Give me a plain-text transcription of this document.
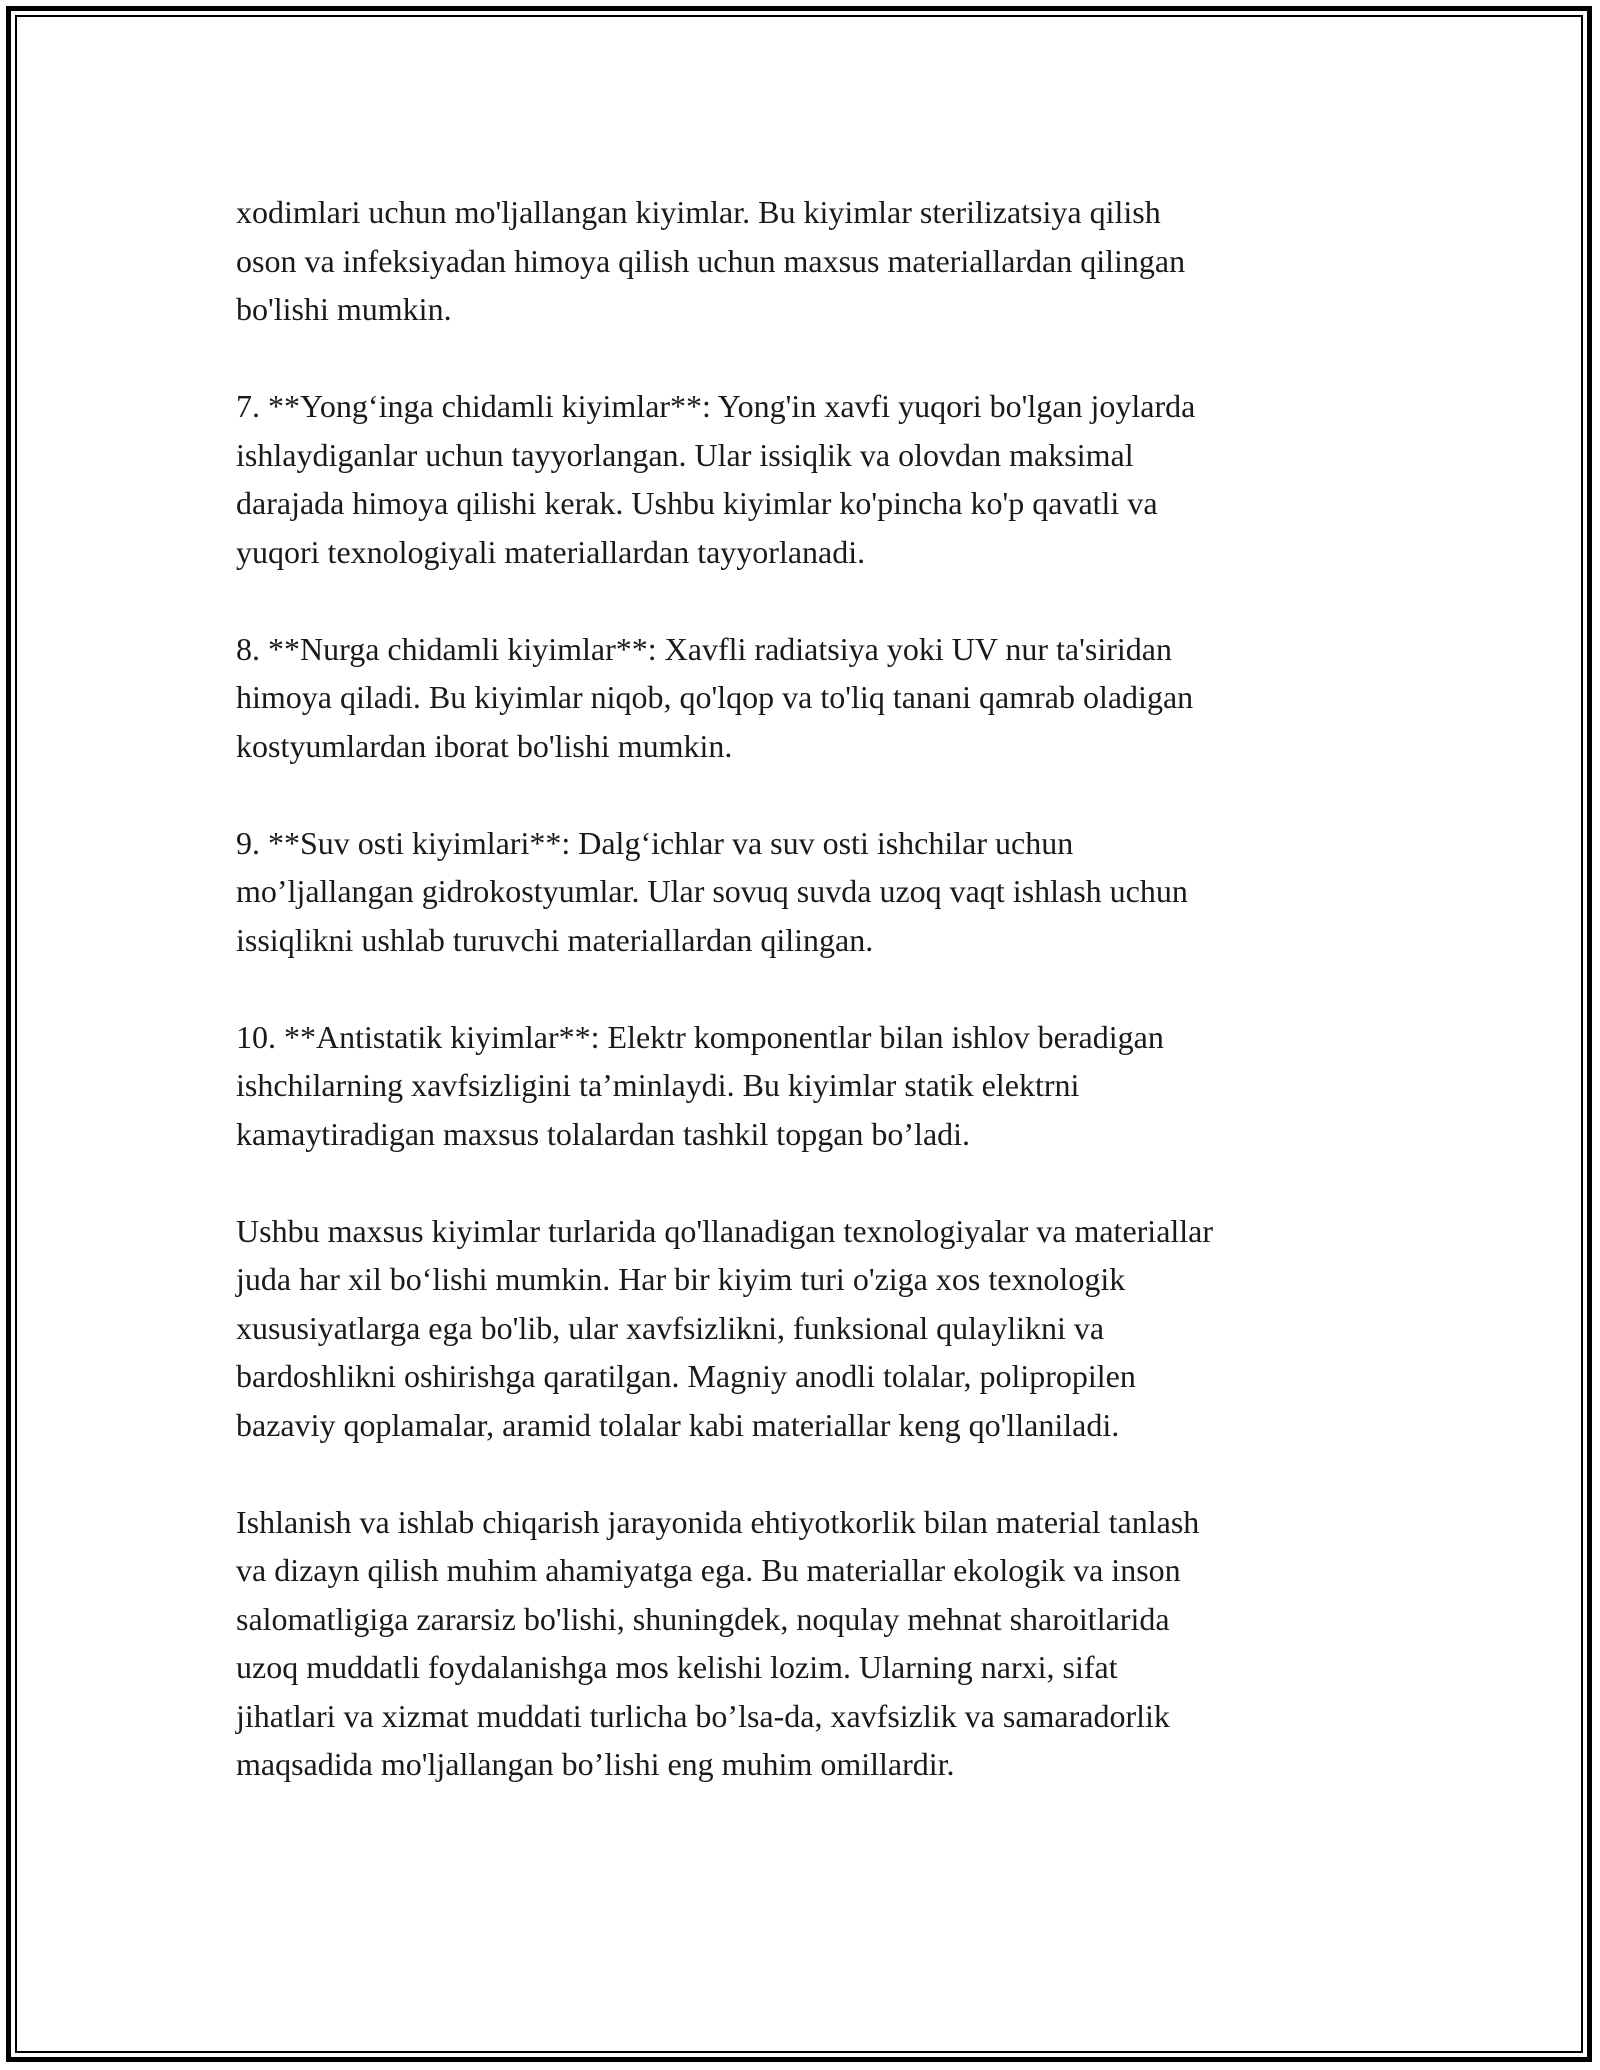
xodimlari uchun mo'ljallangan kiyimlar. Bu kiyimlar sterilizatsiya qilish
oson va infeksiyadan himoya qilish uchun maxsus materiallardan qilingan
bo'lishi mumkin.

7. **Yong‘inga chidamli kiyimlar**: Yong'in xavfi yuqori bo'lgan joylarda
ishlaydiganlar uchun tayyorlangan. Ular issiqlik va olovdan maksimal
darajada himoya qilishi kerak. Ushbu kiyimlar ko'pincha ko'p qavatli va
yuqori texnologiyali materiallardan tayyorlanadi.

8. **Nurga chidamli kiyimlar**: Xavfli radiatsiya yoki UV nur ta'siridan
himoya qiladi. Bu kiyimlar niqob, qo'lqop va to'liq tanani qamrab oladigan
kostyumlardan iborat bo'lishi mumkin.

9. **Suv osti kiyimlari**: Dalg‘ichlar va suv osti ishchilar uchun
mo’ljallangan gidrokostyumlar. Ular sovuq suvda uzoq vaqt ishlash uchun
issiqlikni ushlab turuvchi materiallardan qilingan.

10. **Antistatik kiyimlar**: Elektr komponentlar bilan ishlov beradigan
ishchilarning xavfsizligini ta’minlaydi. Bu kiyimlar statik elektrni
kamaytiradigan maxsus tolalardan tashkil topgan bo’ladi.

Ushbu maxsus kiyimlar turlarida qo'llanadigan texnologiyalar va materiallar
juda har xil bo‘lishi mumkin. Har bir kiyim turi o'ziga xos texnologik
xususiyatlarga ega bo'lib, ular xavfsizlikni, funksional qulaylikni va
bardoshlikni oshirishga qaratilgan. Magniy anodli tolalar, polipropilen
bazaviy qoplamalar, aramid tolalar kabi materiallar keng qo'llaniladi.

Ishlanish va ishlab chiqarish jarayonida ehtiyotkorlik bilan material tanlash
va dizayn qilish muhim ahamiyatga ega. Bu materiallar ekologik va inson
salomatligiga zararsiz bo'lishi, shuningdek, noqulay mehnat sharoitlarida
uzoq muddatli foydalanishga mos kelishi lozim. Ularning narxi, sifat
jihatlari va xizmat muddati turlicha bo’lsa-da, xavfsizlik va samaradorlik
maqsadida mo'ljallangan bo’lishi eng muhim omillardir.
